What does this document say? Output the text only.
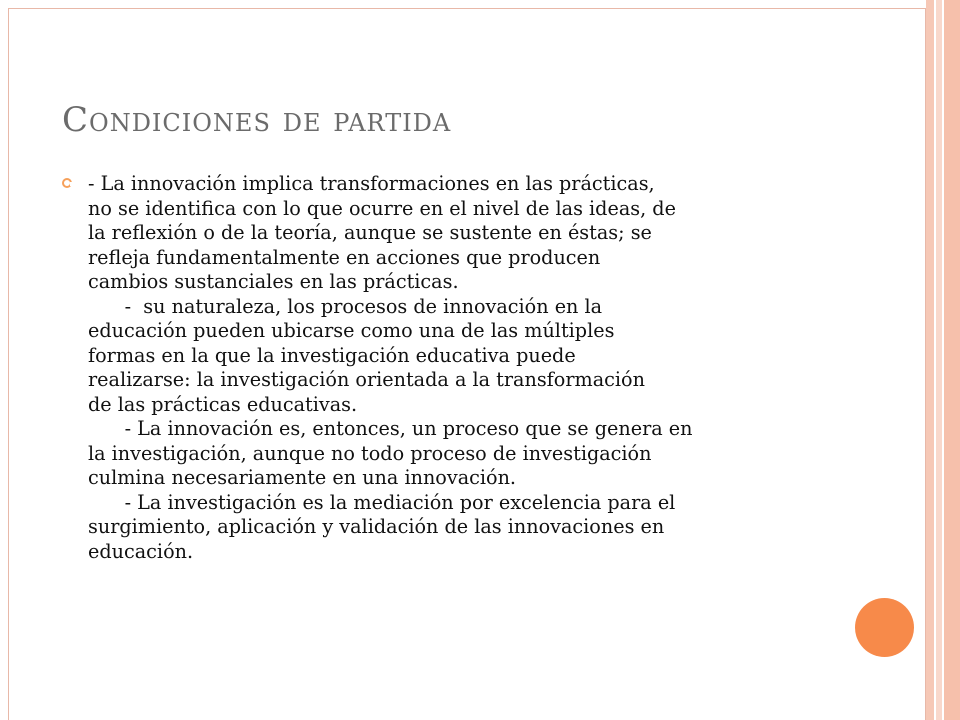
Condiciones de partida
- La innovación implica transformaciones en las prácticas,
no se identifica con lo que ocurre en el nivel de las ideas, de
la reflexión o de la teoría, aunque se sustente en éstas; se
refleja fundamentalmente en acciones que producen
cambios sustanciales en las prácticas.
-  su naturaleza, los procesos de innovación en la
educación pueden ubicarse como una de las múltiples
formas en la que la investigación educativa puede
realizarse: la investigación orientada a la transformación
de las prácticas educativas.
- La innovación es, entonces, un proceso que se genera en
la investigación, aunque no todo proceso de investigación
culmina necesariamente en una innovación.
- La investigación es la mediación por excelencia para el
surgimiento, aplicación y validación de las innovaciones en
educación.
